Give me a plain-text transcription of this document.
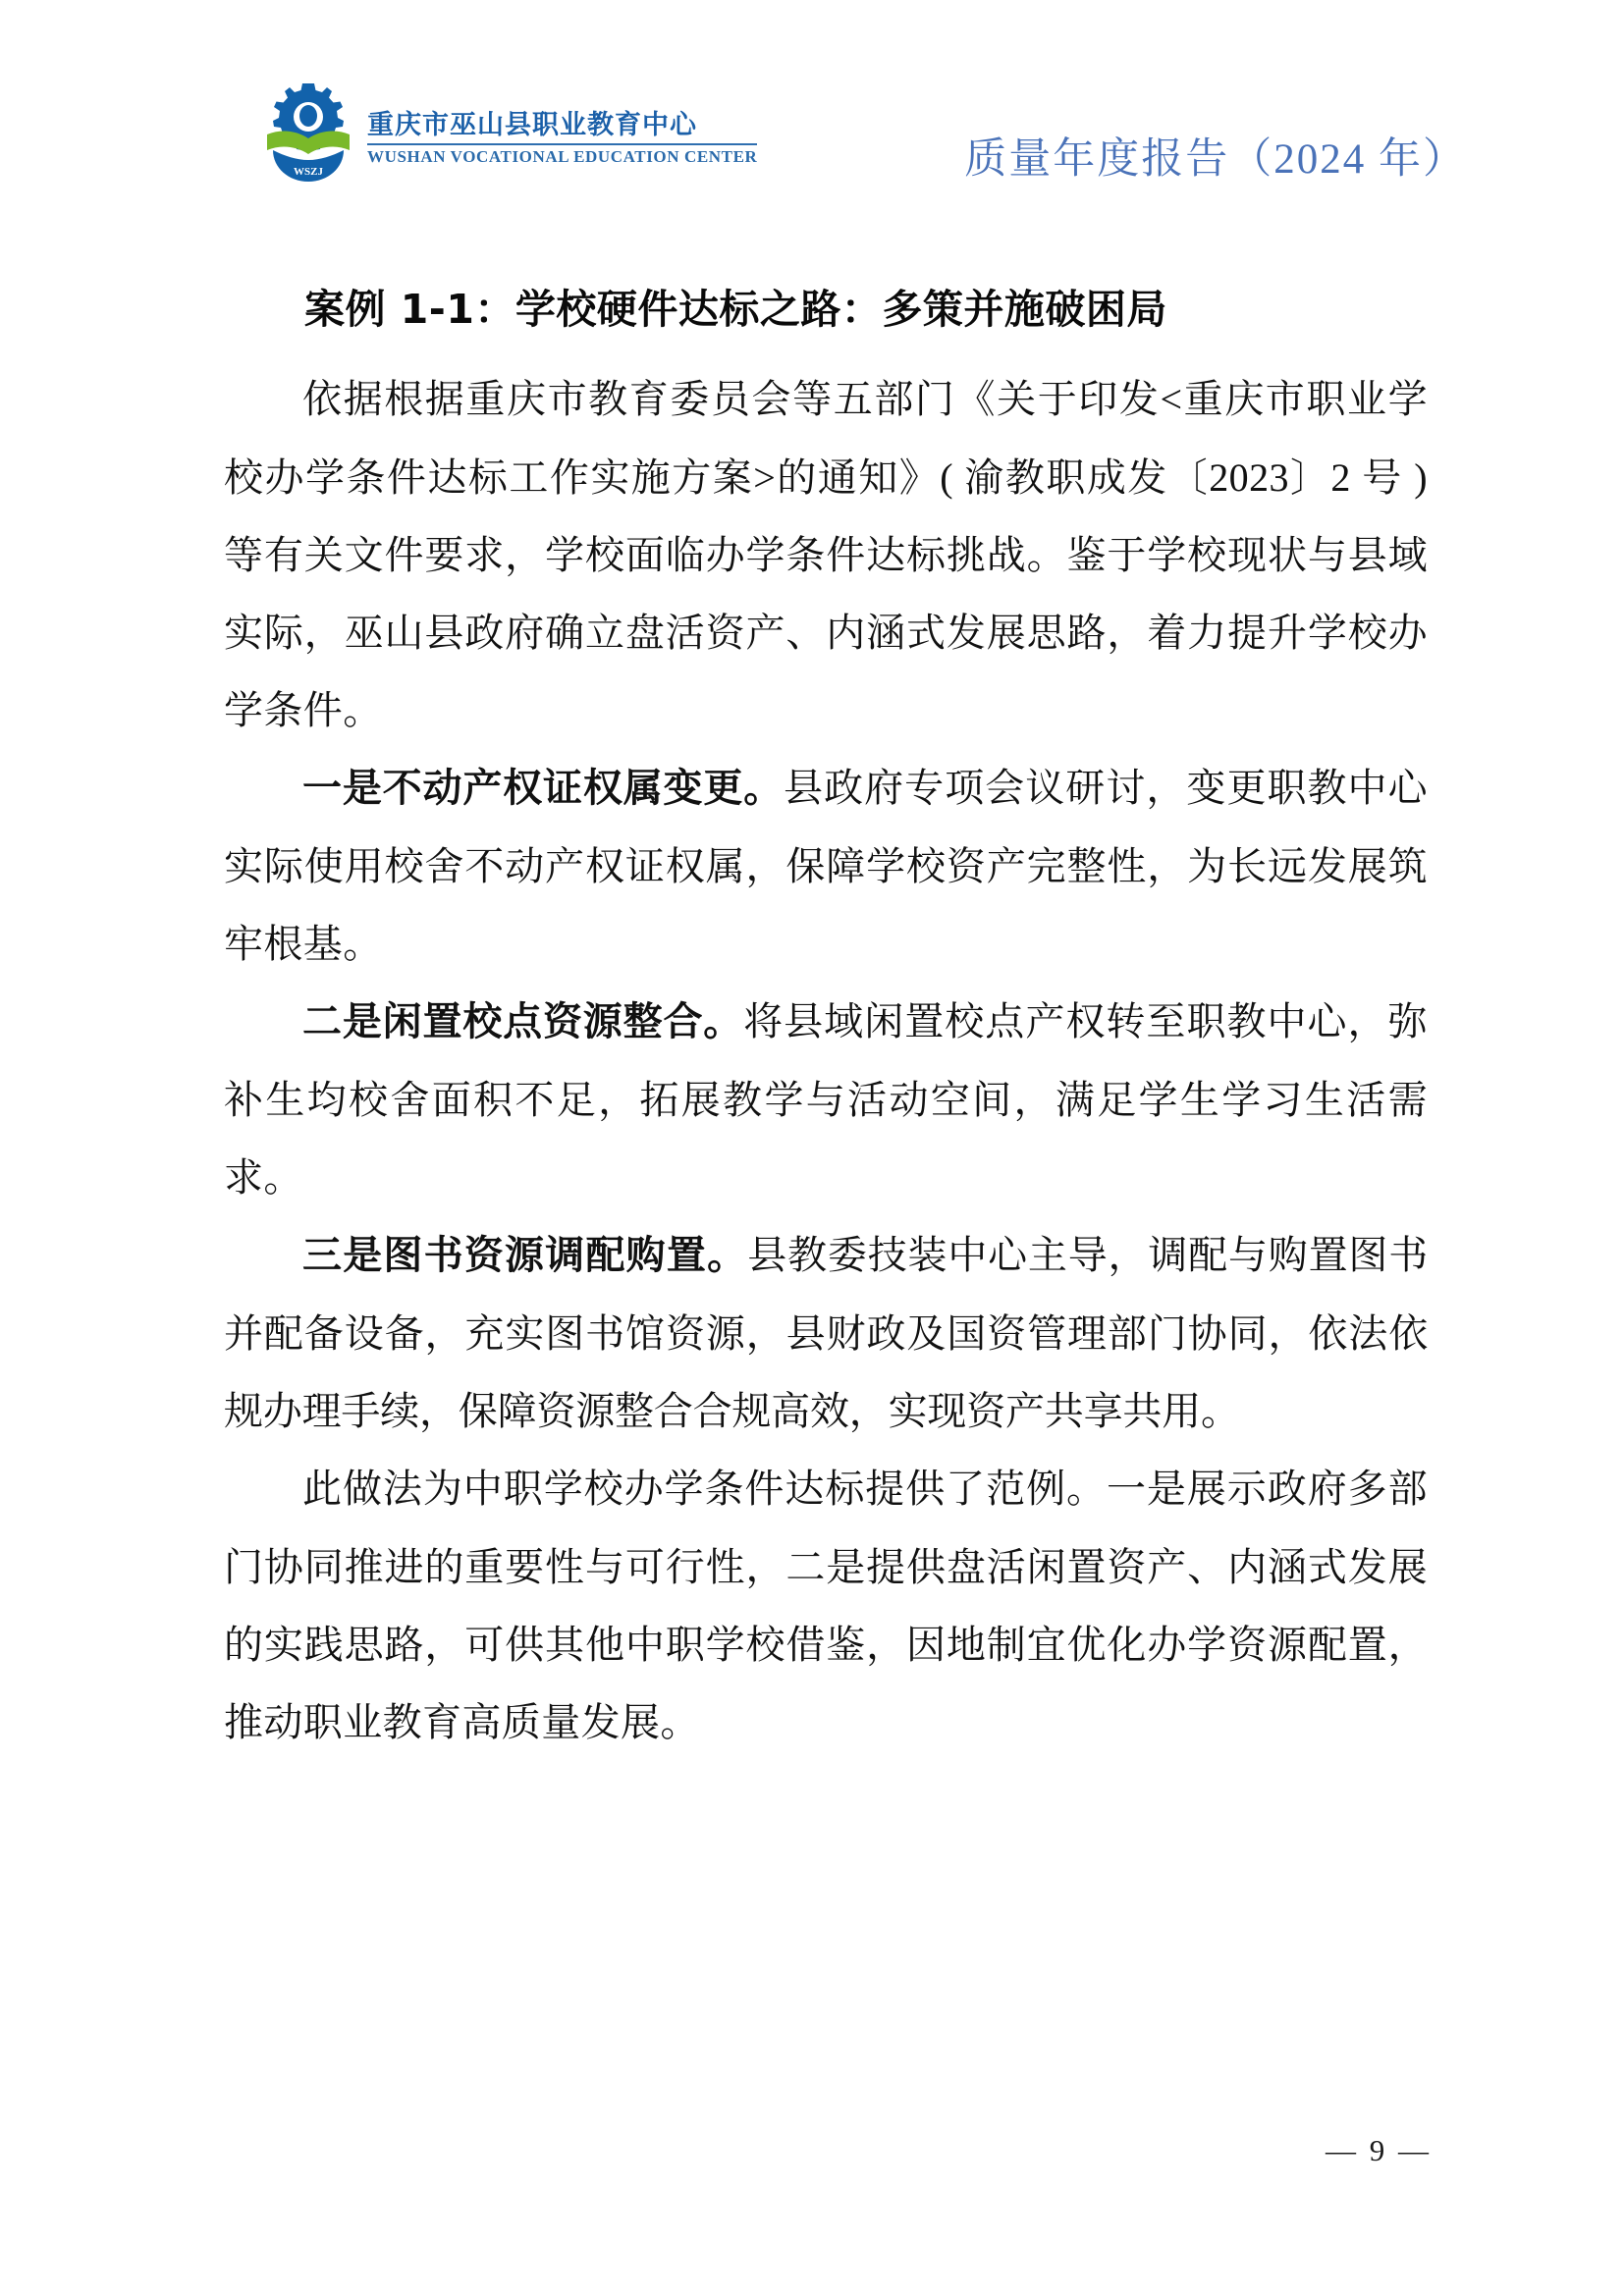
WSZJ
重庆市巫山县职业教育中心
WUSHAN VOCATIONAL EDUCATION CENTER	质量年度报告（2024 年）
案例 1-1：学校硬件达标之路：多策并施破困局

依据根据重庆市教育委员会等五部门《关于印发<重庆市职业学校办学条件达标工作实施方案>的通知》( 渝教职成发〔2023〕2 号 ) 等有关文件要求，学校面临办学条件达标挑战。鉴于学校现状与县域实际，巫山县政府确立盘活资产、内涵式发展思路，着力提升学校办学条件。

一是不动产权证权属变更。县政府专项会议研讨，变更职教中心实际使用校舍不动产权证权属，保障学校资产完整性，为长远发展筑牢根基。

二是闲置校点资源整合。将县域闲置校点产权转至职教中心，弥补生均校舍面积不足，拓展教学与活动空间，满足学生学习生活需求。

三是图书资源调配购置。县教委技装中心主导，调配与购置图书并配备设备，充实图书馆资源，县财政及国资管理部门协同，依法依规办理手续，保障资源整合合规高效，实现资产共享共用。

此做法为中职学校办学条件达标提供了范例。一是展示政府多部门协同推进的重要性与可行性，二是提供盘活闲置资产、内涵式发展的实践思路，可供其他中职学校借鉴，因地制宜优化办学资源配置，推动职业教育高质量发展。

— 9 —
